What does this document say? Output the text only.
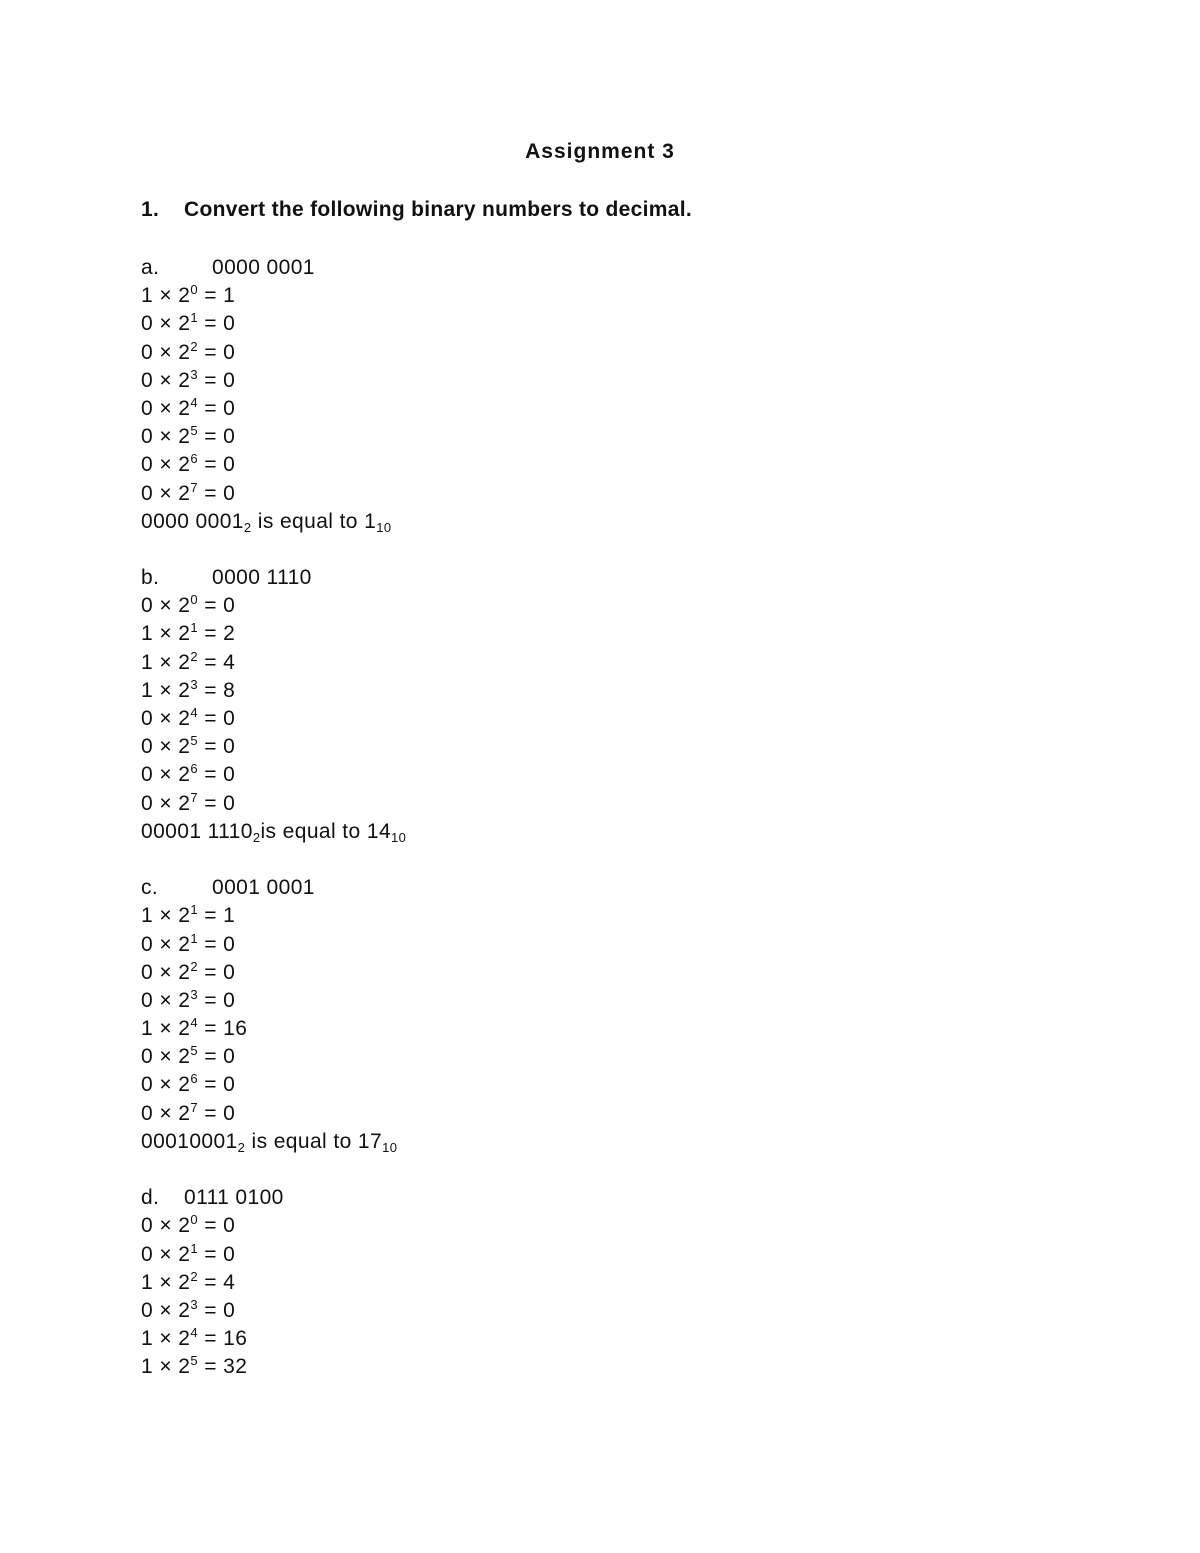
Assignment 3
1. Convert the following binary numbers to decimal.
a.	0000 0001
$1 \times 2^0 = 1$
$0 \times 2^1 = 0$
$0 \times 2^2 = 0$
$0 \times 2^3 = 0$
$0 \times 2^4 = 0$
$0 \times 2^5 = 0$
$0 \times 2^6 = 0$
$0 \times 2^7 = 0$
0000 $0001_2$ is equal to $1_{10}$
b.	0000 1110
$0 \times 2^0 = 0$
$1 \times 2^1 = 2$
$1 \times 2^2 = 4$
$1 \times 2^3 = 8$
$0 \times 2^4 = 0$
$0 \times 2^5 = 0$
$0 \times 2^6 = 0$
$0 \times 2^7 = 0$
00001 $1110_2is$ equal to $14_{10}$
c.	0001 0001
$1 \times 2^1 = 1$
$0 \times 2^1 = 0$
$0 \times 2^2 = 0$
$0 \times 2^3 = 0$
$1 \times 2^4 = 16$
$0 \times 2^5 = 0$
$0 \times 2^6 = 0$
$0 \times 2^7 = 0$
$00010001_2$ is equal to $17_{10}$
d. 0111 0100
$0 \times 2^0 = 0$
$0 \times 2^1 = 0$
$1 \times 2^2 = 4$
$0 \times 2^3 = 0$
$1 \times 2^4 = 16$
$1 \times 2^5 = 32$
